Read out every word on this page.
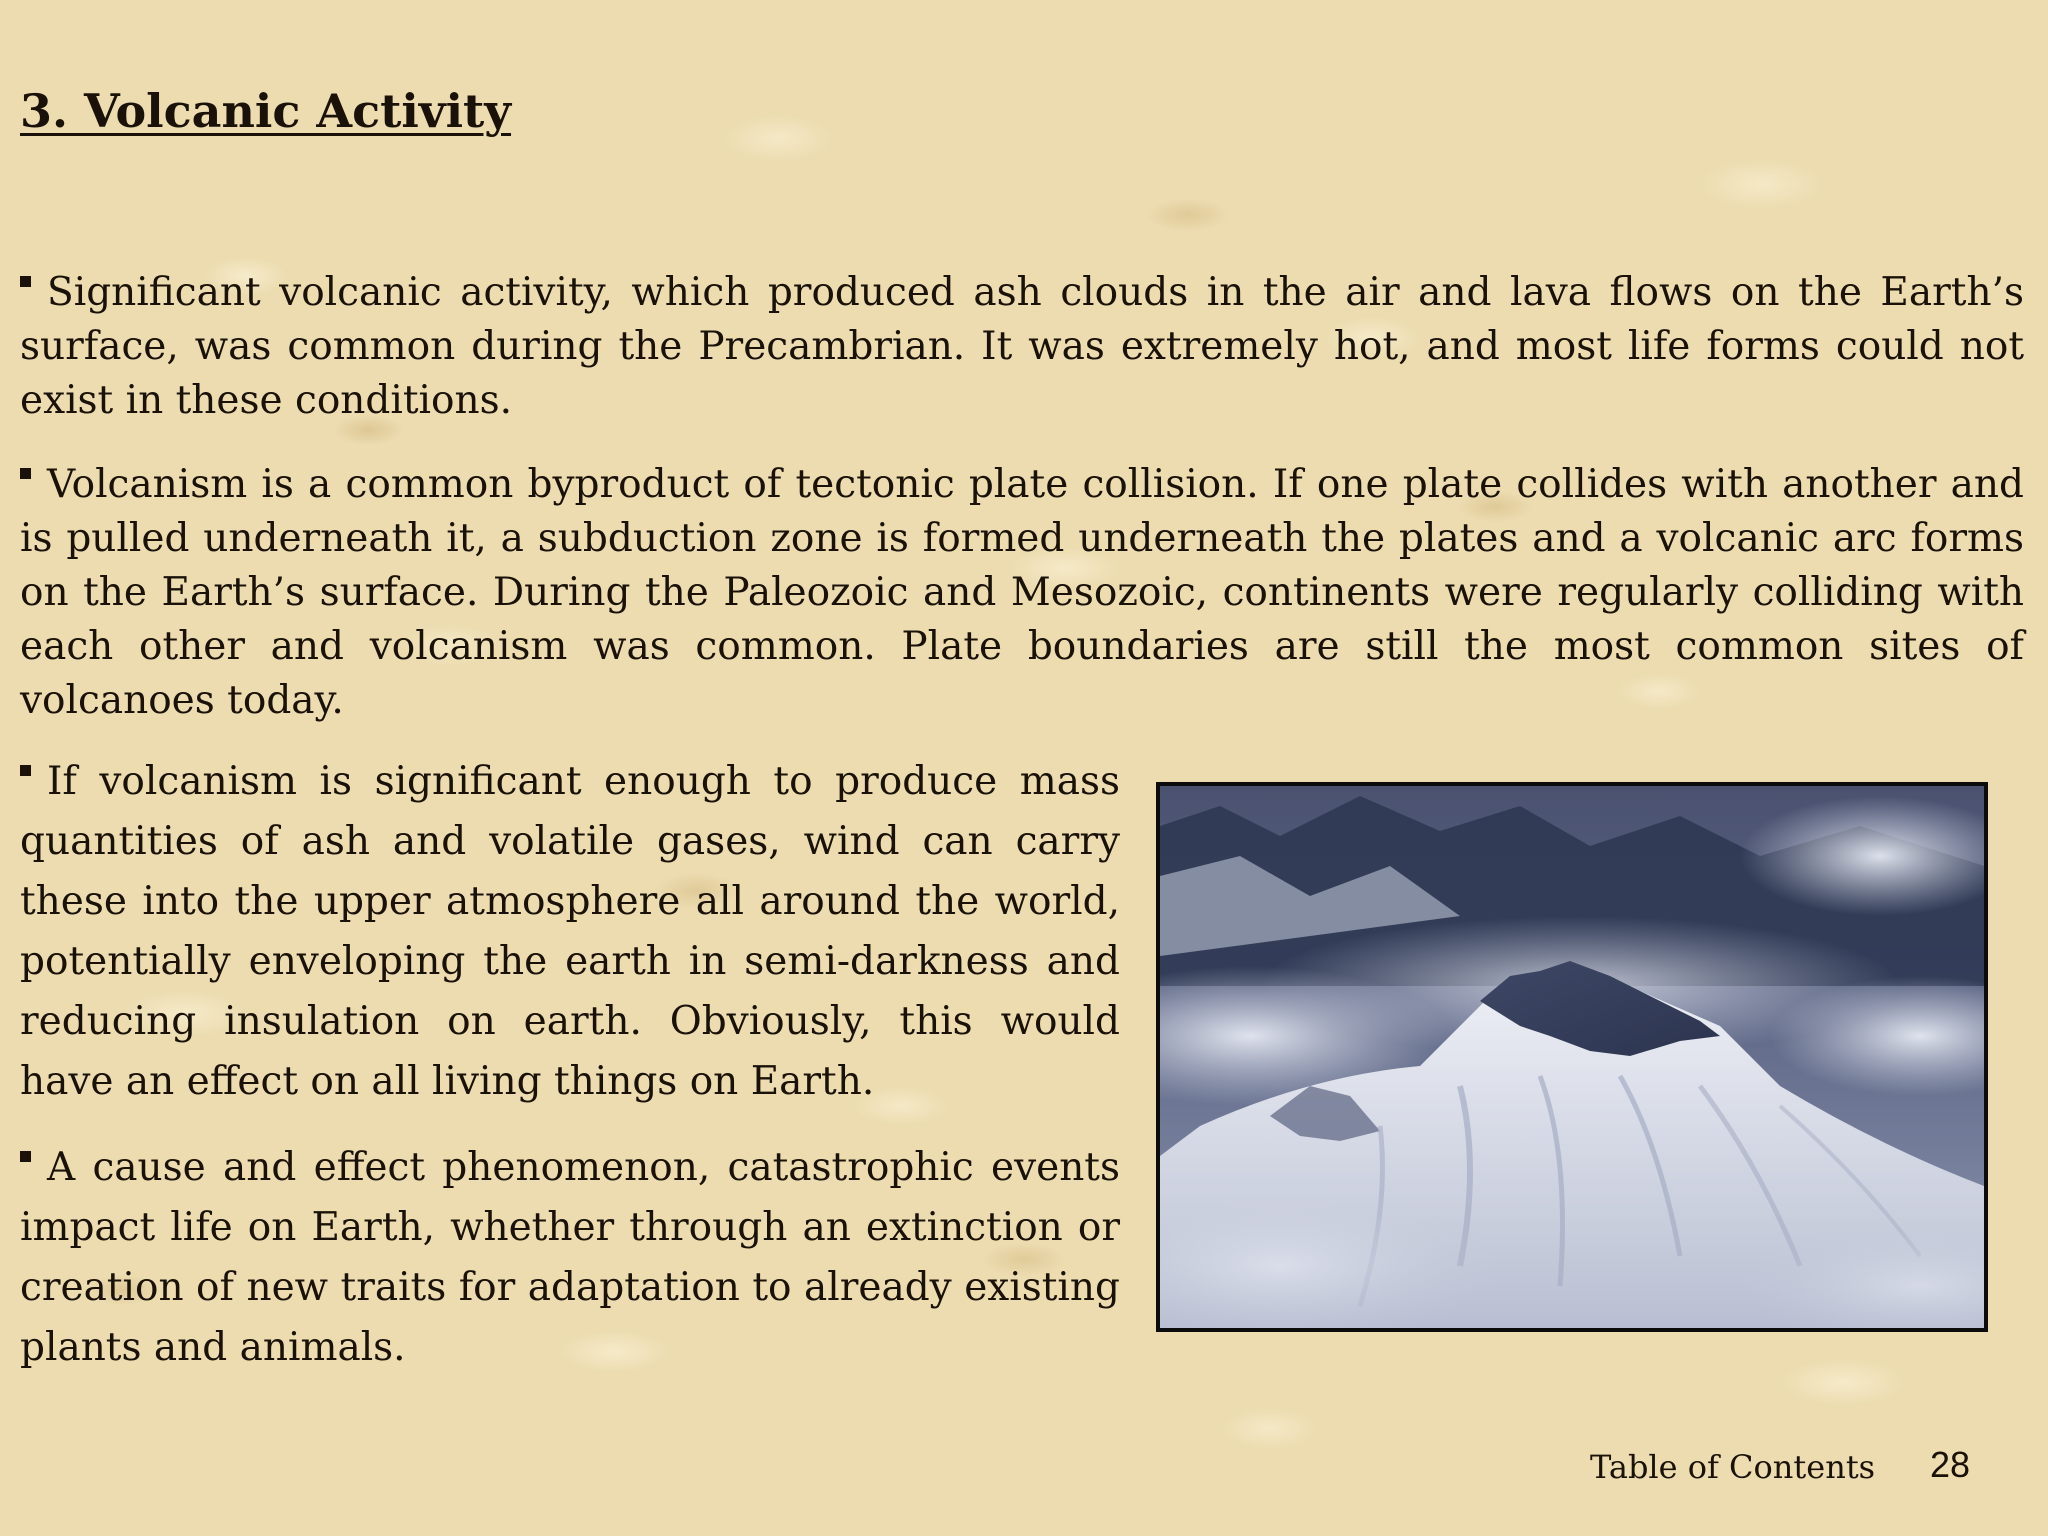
3. Volcanic Activity

Significant volcanic activity, which produced ash clouds in the air and lava flows on the Earth’s surface, was common during the Precambrian. It was extremely hot, and most life forms could not exist in these conditions.

Volcanism is a common byproduct of tectonic plate collision. If one plate collides with another and is pulled underneath it, a subduction zone is formed underneath the plates and a volcanic arc forms on the Earth’s surface. During the Paleozoic and Mesozoic, continents were regularly colliding with each other and volcanism was common. Plate boundaries are still the most common sites of volcanoes today.

If volcanism is significant enough to produce mass quantities of ash and volatile gases, wind can carry these into the upper atmosphere all around the world, potentially enveloping the earth in semi-darkness and reducing insulation on earth. Obviously, this would have an effect on all living things on Earth.

A cause and effect phenomenon, catastrophic events impact life on Earth, whether through an extinction or creation of new traits for adaptation to already existing plants and animals.

Table of Contents 28
